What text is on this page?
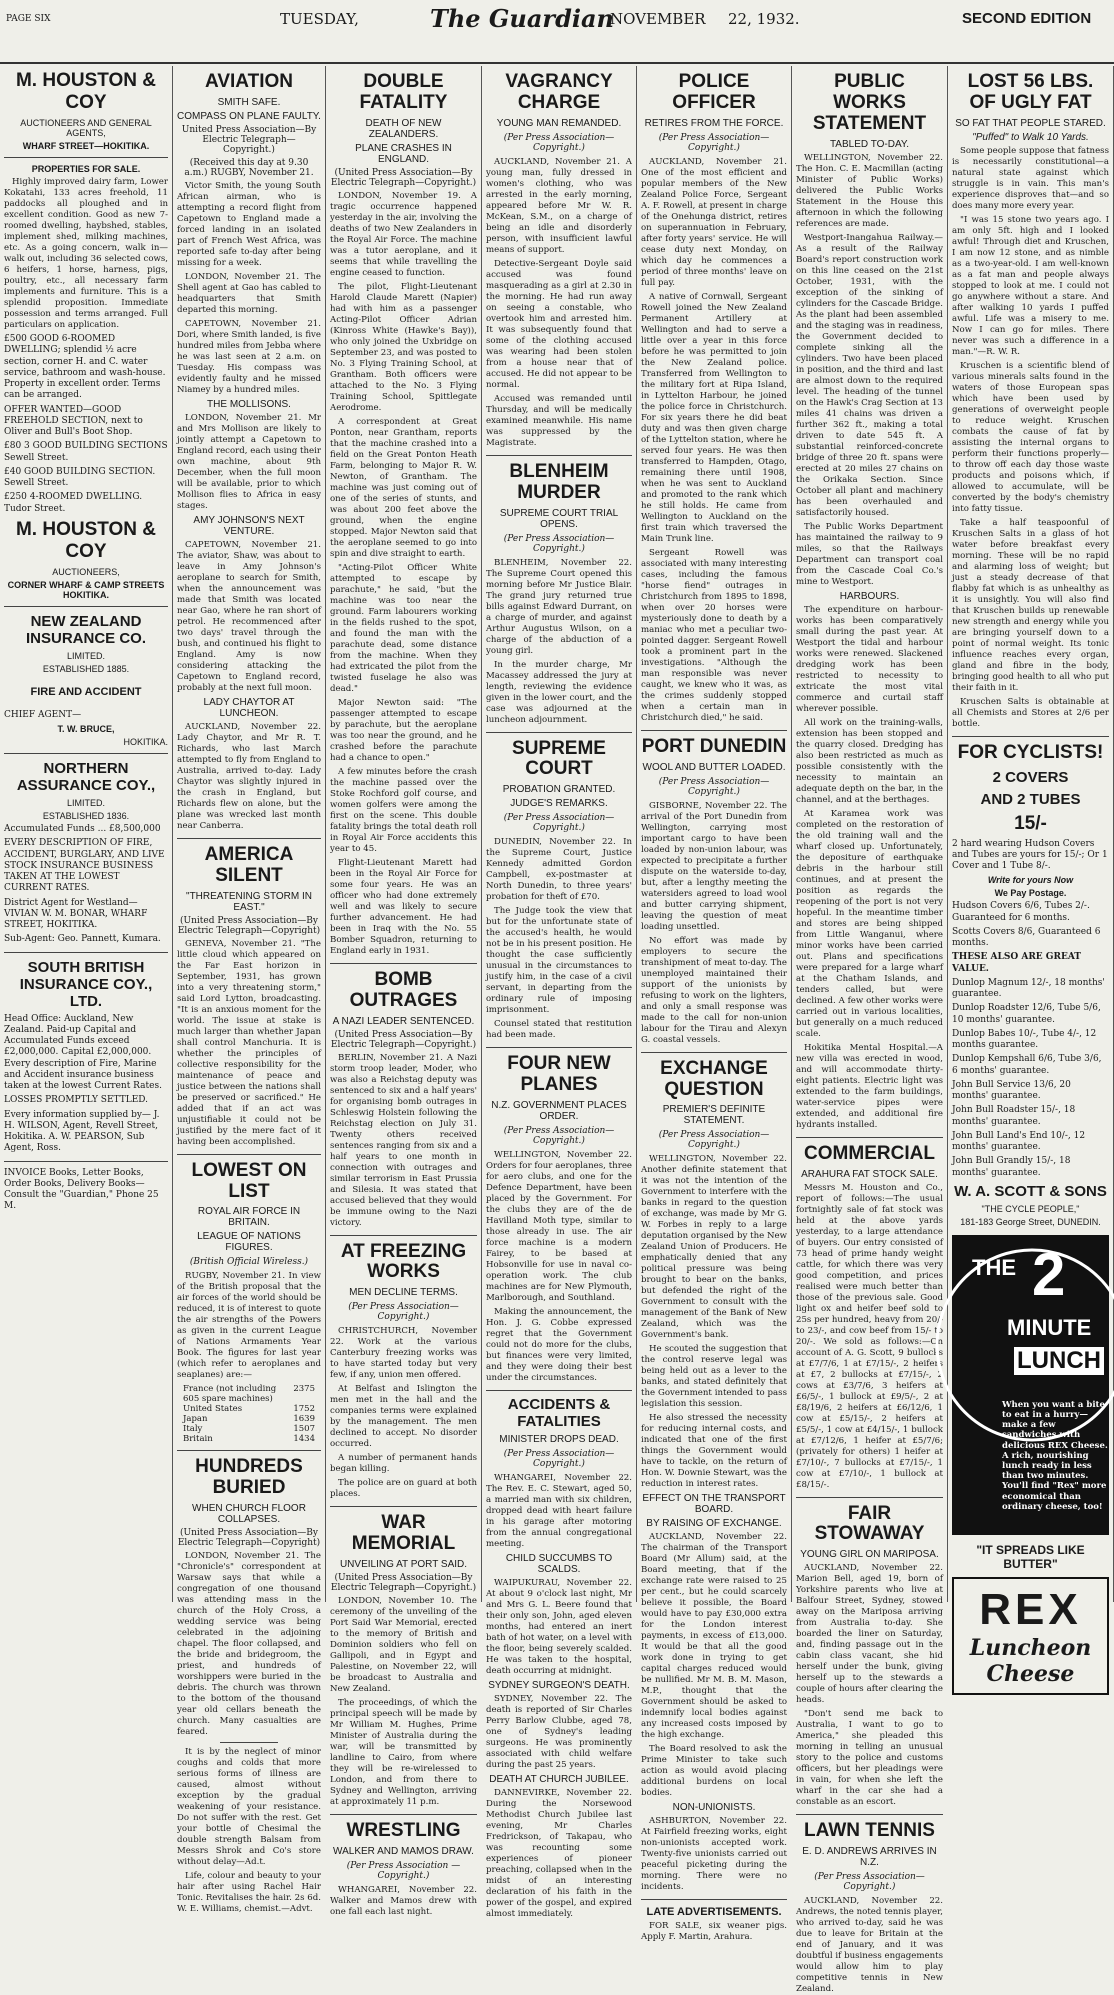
PAGE SIX	TUESDAY,	The Guardian
NOVEMBER 22, 1932.	SECOND EDITION
M. HOUSTON & COY
AUCTIONEERS AND GENERAL AGENTS,
WHARF STREET—HOKITIKA.
PROPERTIES FOR SALE.
Highly improved dairy farm, Lower Kokatahi, 133 acres freehold, 11 paddocks all ploughed and in excellent condition. Good as new 7-roomed dwelling, haybshed, stables, implement shed, milking machines, etc. As a going concern, walk in—walk out, including 36 selected cows, 6 heifers, 1 horse, harness, pigs, poultry, etc., all necessary farm implements and furniture. This is a splendid proposition. Immediate possession and terms arranged. Full particulars on application.
£500 GOOD 6-ROOMED DWELLING; splendid ½ acre section, corner H. and C. water service, bathroom and wash-house. Property in excellent order. Terms can be arranged.
OFFER WANTED—GOOD FREEHOLD SECTION, next to Oliver and Bull's Boot Shop.
£80 3 GOOD BUILDING SECTIONS Sewell Street.
£40 GOOD BUILDING SECTION. Sewell Street.
£250 4-ROOMED DWELLING. Tudor Street.
M. HOUSTON & COY
AUCTIONEERS,
CORNER WHARF & CAMP STREETS HOKITIKA.
NEW ZEALAND INSURANCE CO.
LIMITED.
ESTABLISHED 1885.
FIRE AND ACCIDENT
CHIEF AGENT—
T. W. BRUCE,
HOKITIKA.
NORTHERN ASSURANCE COY.,
LIMITED.
ESTABLISHED 1836.
Accumulated Funds ... £8,500,000
EVERY DESCRIPTION OF FIRE, ACCIDENT, BURGLARY, AND LIVE STOCK INSURANCE BUSINESS TAKEN AT THE LOWEST CURRENT RATES.
District Agent for Westland— VIVIAN W. M. BONAR, WHARF STREET, HOKITIKA.
Sub-Agent: Geo. Pannett, Kumara.
SOUTH BRITISH INSURANCE COY., LTD.
Head Office: Auckland, New Zealand. Paid-up Capital and Accumulated Funds exceed £2,000,000. Capital £2,000,000. Every description of Fire, Marine and Accident insurance business taken at the lowest Current Rates.
LOSSES PROMPTLY SETTLED.
Every information supplied by— J. H. WILSON, Agent, Revell Street, Hokitika. A. W. PEARSON, Sub Agent, Ross.
INVOICE Books, Letter Books, Order Books, Delivery Books—Consult the "Guardian," Phone 25 M.
AVIATION
SMITH SAFE.
COMPASS ON PLANE FAULTY.
United Press Association—By Electric Telegraph—Copyright.)
(Received this day at 9.30 a.m.) RUGBY, November 21.
Victor Smith, the young South African airman, who is attempting a record flight from Capetown to England made a forced landing in an isolated part of French West Africa, was reported safe to-day after being missing for a week.
LONDON, November 21. The Shell agent at Gao has cabled to headquarters that Smith departed this morning.
CAPETOWN, November 21. Dori, where Smith landed, is five hundred miles from Jebba where he was last seen at 2 a.m. on Tuesday. His compass was evidently faulty and he missed Niamey by a hundred miles.
THE MOLLISONS.
LONDON, November 21. Mr and Mrs Mollison are likely to jointly attempt a Capetown to England record, each using their own machine, about 9th December, when the full moon will be available, prior to which Mollison flies to Africa in easy stages.
AMY JOHNSON'S NEXT VENTURE.
CAPETOWN, November 21. The aviator, Shaw, was about to leave in Amy Johnson's aeroplane to search for Smith, when the announcement was made that Smith was located near Gao, where he ran short of petrol. He recommenced after two days' travel through the bush, and continued his flight to England. Amy is now considering attacking the Capetown to England record, probably at the next full moon.
LADY CHAYTOR AT LUNCHEON.
AUCKLAND, November 22. Lady Chaytor, and Mr R. T. Richards, who last March attempted to fly from England to Australia, arrived to-day. Lady Chaytor was slightly injured in the crash in England, but Richards flew on alone, but the plane was wrecked last month near Canberra.
AMERICA SILENT
"THREATENING STORM IN EAST."
(United Press Association—By Electric Telegraph—Copyright)
GENEVA, November 21. "The little cloud which appeared on the Far East horizon in September, 1931, has grown into a very threatening storm," said Lord Lytton, broadcasting. "It is an anxious moment for the world. The issue at stake is much larger than whether Japan shall control Manchuria. It is whether the principles of collective responsibility for the maintenance of peace and justice between the nations shall be preserved or sacrificed." He added that if an act was unjustifiable it could not be justified by the mere fact of it having been accomplished.
LOWEST ON LIST
ROYAL AIR FORCE IN BRITAIN.
LEAGUE OF NATIONS FIGURES.
(British Official Wireless.)
RUGBY, November 21. In view of the British proposal that the air forces of the world should be reduced, it is of interest to quote the air strengths of the Powers as given in the current League of Nations Armaments Year Book. The figures for last year (which refer to aeroplanes and seaplanes) are:—
France (not including 605 spare machines)
2375
United States	1752
Japan	1639
Italy	1507
Britain	1434
HUNDREDS BURIED
WHEN CHURCH FLOOR COLLAPSES.
(United Press Association—By Electric Telegraph—Copyright)
LONDON, November 21. The "Chronicle's" correspondent at Warsaw says that while a congregation of one thousand was attending mass in the church of the Holy Cross, a wedding service was being celebrated in the adjoining chapel. The floor collapsed, and the bride and bridegroom, the priest, and hundreds of worshippers were buried in the debris. The church was thrown to the bottom of the thousand year old cellars beneath the church. Many casualties are feared.
It is by the neglect of minor coughs and colds that more serious forms of illness are caused, almost without exception by the gradual weakening of your resistance. Do not suffer with the rest. Get your bottle of Chesimal the double strength Balsam from Messrs Shrok and Co's store without delay—Ad.t.
Life, colour and beauty to your hair after using Rachel Hair Tonic. Revitalises the hair. 2s 6d. W. E. Williams, chemist.—Advt.
DOUBLE FATALITY
DEATH OF NEW ZEALANDERS.
PLANE CRASHES IN ENGLAND.
(United Press Association—By Electric Telegraph—Copyright.)
LONDON, November 19. A tragic occurrence happened yesterday in the air, involving the deaths of two New Zealanders in the Royal Air Force. The machine was a tutor aeroplane, and it seems that while travelling the engine ceased to function.
The pilot, Flight-Lieutenant Harold Claude Marett (Napier) had with him as a passenger Acting-Pilot Officer Adrian (Kinross White (Hawke's Bay)), who only joined the Uxbridge on September 23, and was posted to No. 3 Flying Training School, at Grantham. Both officers were attached to the No. 3 Flying Training School, Spittlegate Aerodrome.
A correspondent at Great Ponton, near Grantham, reports that the machine crashed into a field on the Great Ponton Heath Farm, belonging to Major R. W. Newton, of Grantham. The machine was just coming out of one of the series of stunts, and was about 200 feet above the ground, when the engine stopped. Major Newton said that the aeroplane seemed to go into spin and dive straight to earth.
"Acting-Pilot Officer White attempted to escape by parachute," he said, "but the machine was too near the ground. Farm labourers working in the fields rushed to the spot, and found the man with the parachute dead, some distance from the machine. When they had extricated the pilot from the twisted fuselage he also was dead."
Major Newton said: "The passenger attempted to escape by parachute, but the aeroplane was too near the ground, and he crashed before the parachute had a chance to open."
A few minutes before the crash the machine passed over the Stoke Rochford golf course, and women golfers were among the first on the scene. This double fatality brings the total death roll in Royal Air Force accidents this year to 45.
Flight-Lieutenant Marett had been in the Royal Air Force for some four years. He was an officer who had done extremely well and was likely to secure further advancement. He had been in Iraq with the No. 55 Bomber Squadron, returning to England early in 1931.
BOMB OUTRAGES
A NAZI LEADER SENTENCED.
(United Press Association—By Electric Telegraph—Copyright.)
BERLIN, November 21. A Nazi storm troop leader, Moder, who was also a Reichstag deputy was sentenced to six and a half years' for organising bomb outrages in Schleswig Holstein following the Reichstag election on July 31. Twenty others received sentences ranging from six and a half years to one month in connection with outrages and similar terrorism in East Prussia and Silesia. It was stated that accused believed that they would be immune owing to the Nazi victory.
AT FREEZING WORKS
MEN DECLINE TERMS.
(Per Press Association— Copyright.)
CHRISTCHURCH, November 22. Work at the various Canterbury freezing works was to have started today but very few, if any, union men offered.
At Belfast and Islington the men met in the hall and the companies terms were explained by the management. The men declined to accept. No disorder occurred.
A number of permanent hands began killing.
The police are on guard at both places.
WAR MEMORIAL
UNVEILING AT PORT SAID.
(United Press Association—By Electric Telegraph—Copyright.)
LONDON, November 10. The ceremony of the unveiling of the Port Said War Memorial, erected to the memory of British and Dominion soldiers who fell on Gallipoli, and in Egypt and Palestine, on November 22, will be broadcast to Australia and New Zealand.
The proceedings, of which the principal speech will be made by Mr William M. Hughes, Prime Minister of Australia during the war, will be transmitted by landline to Cairo, from where they will be re-wirelessed to London, and from there to Sydney and Wellington, arriving at approximately 11 p.m.
WRESTLING
WALKER AND MAMOS DRAW.
(Per Press Association — Copyright.)
WHANGAREI, November 22. Walker and Mamos drew with one fall each last night.
VAGRANCY CHARGE
YOUNG MAN REMANDED.
(Per Press Association— Copyright.)
AUCKLAND, November 21. A young man, fully dressed in women's clothing, who was arrested in the early morning, appeared before Mr W. R. McKean, S.M., on a charge of being an idle and disorderly person, with insufficient lawful means of support.
Detective-Sergeant Doyle said accused was found masquerading as a girl at 2.30 in the morning. He had run away on seeing a constable, who overtook him and arrested him. It was subsequently found that some of the clothing accused was wearing had been stolen from a house near that of accused. He did not appear to be normal.
Accused was remanded until Thursday, and will be medically examined meanwhile. His name was suppressed by the Magistrate.
BLENHEIM MURDER
SUPREME COURT TRIAL OPENS.
(Per Press Association— Copyright.)
BLENHEIM, November 22. The Supreme Court opened this morning before Mr Justice Blair. The grand jury returned true bills against Edward Durrant, on a charge of murder, and against Arthur Augustus Wilson, on a charge of the abduction of a young girl.
In the murder charge, Mr Macassey addressed the jury at length, reviewing the evidence given in the lower court, and the case was adjourned at the luncheon adjournment.
SUPREME COURT
PROBATION GRANTED.
JUDGE'S REMARKS.
(Per Press Association— Copyright.)
DUNEDIN, November 22. In the Supreme Court, Justice Kennedy admitted Gordon Campbell, ex-postmaster at North Dunedin, to three years' probation for theft of £70.
The Judge took the view that but for the unfortunate state of the accused's health, he would not be in his present position. He thought the case sufficiently unusual in the circumstances to justify him, in the case of a civil servant, in departing from the ordinary rule of imposing imprisonment.
Counsel stated that restitution had been made.
FOUR NEW PLANES
N.Z. GOVERNMENT PLACES ORDER.
(Per Press Association— Copyright.)
WELLINGTON, November 22. Orders for four aeroplanes, three for aero clubs, and one for the Defence Department, have been placed by the Government. For the clubs they are of the de Havilland Moth type, similar to those already in use. The air force machine is a modern Fairey, to be based at Hobsonville for use in naval co-operation work. The club machines are for New Plymouth, Marlborough, and Southland.
Making the announcement, the Hon. J. G. Cobbe expressed regret that the Government could not do more for the clubs, but finances were very limited, and they were doing their best under the circumstances.
ACCIDENTS & FATALITIES
MINISTER DROPS DEAD.
(Per Press Association— Copyright.)
WHANGAREI, November 22. The Rev. E. C. Stewart, aged 50, a married man with six children, dropped dead with heart failure in his garage after motoring from the annual congregational meeting.
CHILD SUCCUMBS TO SCALDS.
WAIPUKURAU, November 22. At about 9 o'clock last night, Mr and Mrs G. L. Beere found that their only son, John, aged eleven months, had entered an inert bath of hot water, on a level with the floor, being severely scalded. He was taken to the hospital, death occurring at midnight.
SYDNEY SURGEON'S DEATH.
SYDNEY, November 22. The death is reported of Sir Charles Perry Barlow Clubbe, aged 78, one of Sydney's leading surgeons. He was prominently associated with child welfare during the past 25 years.
DEATH AT CHURCH JUBILEE.
DANNEVIRKE, November 22. During the Norsewood Methodist Church Jubilee last evening, Mr Charles Fredrickson, of Takapau, who was recounting some experiences of pioneer preaching, collapsed when in the midst of an interesting declaration of his faith in the power of the gospel, and expired almost immediately.
POLICE OFFICER
RETIRES FROM THE FORCE.
(Per Press Association— Copyright.)
AUCKLAND, November 21. One of the most efficient and popular members of the New Zealand Police Force, Sergeant A. F. Rowell, at present in charge of the Onehunga district, retires on superannuation in February, after forty years' service. He will cease duty next Monday, on which day he commences a period of three months' leave on full pay.
A native of Cornwall, Sergeant Rowell joined the New Zealand Permanent Artillery at Wellington and had to serve a little over a year in this force before he was permitted to join the New Zealand police. Transferred from Wellington to the military fort at Ripa Island, in Lyttelton Harbour, he joined the police force in Christchurch. For six years there he did beat duty and was then given charge of the Lyttelton station, where he served four years. He was then transferred to Hampden, Otago, remaining there until 1908, when he was sent to Auckland and promoted to the rank which he still holds. He came from Wellington to Auckland on the first train which traversed the Main Trunk line.
Sergeant Rowell was associated with many interesting cases, including the famous "horse fiend" outrages in Christchurch from 1895 to 1898, when over 20 horses were mysteriously done to death by a maniac who met a peculiar two-pointed dagger. Sergeant Rowell took a prominent part in the investigations. "Although the man responsible was never caught, we knew who it was, as the crimes suddenly stopped when a certain man in Christchurch died," he said.
PORT DUNEDIN
WOOL AND BUTTER LOADED.
(Per Press Association— Copyright.)
GISBORNE, November 22. The arrival of the Port Dunedin from Wellington, carrying most important cargo to have been loaded by non-union labour, was expected to precipitate a further dispute on the waterside to-day, but, after a lengthy meeting the watersiders agreed to load wool and butter carrying shipment, leaving the question of meat loading unsettled.
No effort was made by employers to secure the transhipment of meat to-day. The unemployed maintained their support of the unionists by refusing to work on the lighters, and only a small response was made to the call for non-union labour for the Tirau and Alexyn G. coastal vessels.
EXCHANGE QUESTION
PREMIER'S DEFINITE STATEMENT.
(Per Press Association— Copyright.)
WELLINGTON, November 22. Another definite statement that it was not the intention of the Government to interfere with the banks in regard to the question of exchange, was made by Mr G. W. Forbes in reply to a large deputation organised by the New Zealand Union of Producers. He emphatically denied that any political pressure was being brought to bear on the banks, but defended the right of the Government to consult with the management of the Bank of New Zealand, which was the Government's bank.
He scouted the suggestion that the control reserve legal was being held out as a lever to the banks, and stated definitely that the Government intended to pass legislation this session.
He also stressed the necessity for reducing internal costs, and indicated that one of the first things the Government would have to tackle, on the return of Hon. W. Downie Stewart, was the reduction in interest rates.
EFFECT ON THE TRANSPORT BOARD.
BY RAISING OF EXCHANGE.
AUCKLAND, November 22. The chairman of the Transport Board (Mr Allum) said, at the Board meeting, that if the exchange rate were raised to 25 per cent., but he could scarcely believe it possible, the Board would have to pay £30,000 extra for the London interest payments, in excess of £13,000. It would be that all the good work done in trying to get capital charges reduced would be nullified. Mr M. B. M. Mason, M.P., thought that the Government should be asked to indemnify local bodies against any increased costs imposed by the high exchange.
The Board resolved to ask the Prime Minister to take such action as would avoid placing additional burdens on local bodies.
NON-UNIONISTS.
ASHBURTON, November 22. At Fairfield freezing works, eight non-unionists accepted work. Twenty-five unionists carried out peaceful picketing during the morning. There were no incidents.
LATE ADVERTISEMENTS.
FOR SALE, six weaner pigs. Apply F. Martin, Arahura.
PUBLIC WORKS STATEMENT
TABLED TO-DAY.
WELLINGTON, November 22. The Hon. C. E. Macmillan (acting Minister of Public Works) delivered the Public Works Statement in the House this afternoon in which the following references are made.
Westport-Inangahua Railway.—As a result of the Railway Board's report construction work on this line ceased on the 21st October, 1931, with the exception of the sinking of cylinders for the Cascade Bridge. As the plant had been assembled and the staging was in readiness, the Government decided to complete sinking all the cylinders. Two have been placed in position, and the third and last are almost down to the required level. The heading of the tunnel on the Hawk's Crag Section at 13 miles 41 chains was driven a further 362 ft., making a total driven to date 545 ft. A substantial reinforced-concrete bridge of three 20 ft. spans were erected at 20 miles 27 chains on the Orikaka Section. Since October all plant and machinery has been overhauled and satisfactorily housed.
The Public Works Department has maintained the railway to 9 miles, so that the Railways Department can transport coal from the Cascade Coal Co.'s mine to Westport.
HARBOURS.
The expenditure on harbour-works has been comparatively small during the past year. At Westport the tidal and harbour works were renewed. Slackened dredging work has been restricted to necessity to extricate the most vital commerce and curtail staff wherever possible.
All work on the training-walls, extension has been stopped and the quarry closed. Dredging has also been restricted as much as possible consistently with the necessity to maintain an adequate depth on the bar, in the channel, and at the berthages.
At Karamea work was completed on the restoration of the old training wall and the wharf closed up. Unfortunately, the depositure of earthquake debris in the harbour still continues, and at present the position as regards the reopening of the port is not very hopeful. In the meantime timber and stores are being shipped from Little Wanganui, where minor works have been carried out. Plans and specifications were prepared for a large wharf at the Chatham Islands, and tenders called, but were declined. A few other works were carried out in various localities, but generally on a much reduced scale.
Hokitika Mental Hospital.—A new villa was erected in wood, and will accommodate thirty-eight patients. Electric light was extended to the farm buildings, water-service pipes were extended, and additional fire hydrants installed.
COMMERCIAL
ARAHURA FAT STOCK SALE.
Messrs M. Houston and Co., report of follows:—The usual fortnightly sale of fat stock was held at the above yards yesterday, to a large attendance of buyers. Our entry consisted of 73 head of prime handy weight cattle, for which there was very good competition, and prices realised were much better than those of the previous sale. Good light ox and heifer beef sold to 25s per hundred, heavy from 20/- to 23/-, and cow beef from 15/- to 20/-. We sold as follows:—On account of A. G. Scott, 9 bullocks at £7/7/6, 1 at £7/15/-, 2 heifers at £7, 2 bullocks at £7/15/-, 2 cows at £3/7/6, 3 heifers at £6/5/-, 1 bullock at £9/5/-, 2 at £8/19/6, 2 heifers at £6/12/6, 1 cow at £5/15/-, 2 heifers at £5/5/-, 1 cow at £4/15/-, 1 bullock at £7/12/6, 1 heifer at £5/7/6; (privately for others) 1 heifer at £7/10/-, 7 bullocks at £7/15/-, 1 cow at £7/10/-, 1 bullock at £8/15/-.
FAIR STOWAWAY
YOUNG GIRL ON MARIPOSA.
AUCKLAND, November 22. Marion Bell, aged 19, born of Yorkshire parents who live at Balfour Street, Sydney, stowed away on the Mariposa arriving from Australia to-day. She boarded the liner on Saturday, and, finding passage out in the cabin class vacant, she hid herself under the bunk, giving herself up to the stewards a couple of hours after clearing the heads.
"Don't send me back to Australia, I want to go to America," she pleaded this morning in telling an unusual story to the police and customs officers, but her pleadings were in vain, for when she left the wharf in the car she had a constable as an escort.
LAWN TENNIS
E. D. ANDREWS ARRIVES IN N.Z.
(Per Press Association— Copyright.)
AUCKLAND, November 22. Andrews, the noted tennis player, who arrived to-day, said he was due to leave for Britain at the end of January, and it was doubtful if business engagements would allow him to play competitive tennis in New Zealand.
LOST 56 LBS. OF UGLY FAT
SO FAT THAT PEOPLE STARED.
"Puffed" to Walk 10 Yards.
Some people suppose that fatness is necessarily constitutional—a natural state against which struggle is in vain. This man's experience disproves that—and so does many more every year.
"I was 15 stone two years ago. I am only 5ft. high and I looked awful! Through diet and Kruschen, I am now 12 stone, and as nimble as a two-year-old. I am well-known as a fat man and people always stopped to look at me. I could not go anywhere without a stare. And after walking 10 yards I puffed awful. Life was a misery to me. Now I can go for miles. There never was such a difference in a man."—R. W. R.
Kruschen is a scientific blend of various minerals salts found in the waters of those European spas which have been used by generations of overweight people to reduce weight. Kruschen combats the cause of fat by assisting the internal organs to perform their functions properly—to throw off each day those waste products and poisons which, if allowed to accumulate, will be converted by the body's chemistry into fatty tissue.
Take a half teaspoonful of Kruschen Salts in a glass of hot water before breakfast every morning. These will be no rapid and alarming loss of weight; but just a steady decrease of that flabby fat which is as unhealthy as it is unsightly. You will also find that Kruschen builds up renewable new strength and energy while you are bringing yourself down to a point of normal weight. Its tonic influence reaches every organ, gland and fibre in the body, bringing good health to all who put their faith in it.
Kruschen Salts is obtainable at all Chemists and Stores at 2/6 per bottle.
FOR CYCLISTS!
2 COVERS
AND 2 TUBES
15/-
2 hard wearing Hudson Covers and Tubes are yours for 15/-; Or 1 Cover and 1 Tube 8/-.
Write for yours Now
We Pay Postage.
Hudson Covers 6/6, Tubes 2/-. Guaranteed for 6 months.
Scotts Covers 8/6, Guaranteed 6 months.
THESE ALSO ARE GREAT VALUE.
Dunlop Magnum 12/-, 18 months' guarantee.
Dunlop Roadster 12/6, Tube 5/6, 10 months' guarantee.
Dunlop Babes 10/-, Tube 4/-, 12 months guarantee.
Dunlop Kempshall 6/6, Tube 3/6, 6 months' guarantee.
John Bull Service 13/6, 20 months' guarantee.
John Bull Roadster 15/-, 18 months' guarantee.
John Bull Land's End 10/-, 12 months' guarantee.
John Bull Grandly 15/-, 18 months' guarantee.
W. A. SCOTT & SONS
"THE CYCLE PEOPLE,"
181-183 George Street, DUNEDIN.
THE 2
MINUTE
LUNCH
When you want a bite to eat in a hurry—make a few sandwiches with delicious REX Cheese. A rich, nourishing lunch ready in less than two minutes. You'll find "Rex" more economical than ordinary cheese, too!
"IT SPREADS LIKE BUTTER"
REX
Luncheon Cheese
